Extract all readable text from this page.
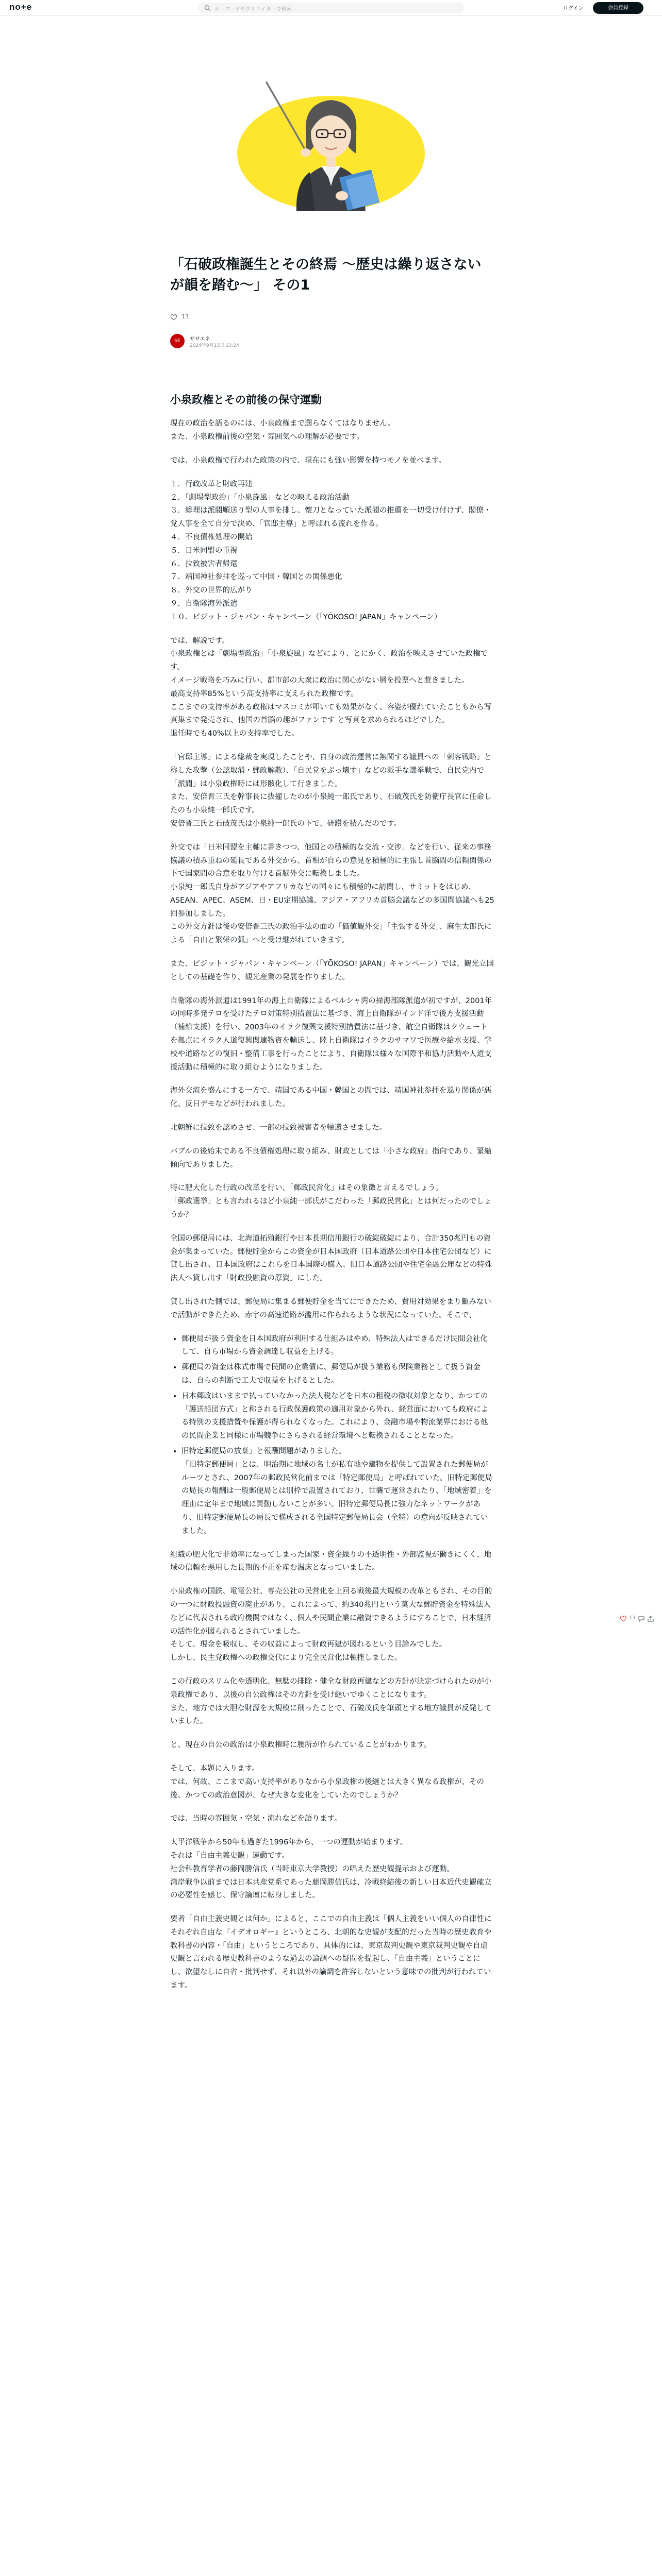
no+e	キーワードやクリエイターで検索	ログイン	会員登録
「石破政権誕生とその終焉 〜歴史は繰り返さないが韻を踏む〜」 その1
13
SE	ササエネ
2024年9月13日 13:24
小泉政権とその前後の保守運動

現在の政治を語るのには、小泉政権まで遡らなくてはなりません。
また、小泉政権前後の空気・雰囲気への理解が必要です。

では、小泉政権で行われた政策の内で、現在にも強い影響を持つモノを並べます。

１．行政改革と財政再建
２．「劇場型政治」「小泉旋風」などの映える政治活動
３．総理は派閥順送り型の人事を排し、懐刀となっていた派閥の推薦を一切受け付けず、閣僚・党人事を全て自分で決め、「官邸主導」と呼ばれる流れを作る。
４．不良債権処理の開始
５．日米同盟の重視
６．拉致被害者帰還
７．靖国神社参拝を巡って中国・韓国との関係悪化
８．外交の世界的広がり
９．自衛隊海外派遣
１０．ビジット・ジャパン・キャンペーン（「YŌKOSO! JAPAN」キャンペーン）

では、解説です。
小泉政権とは「劇場型政治」「小泉旋風」などにより、とにかく、政治を映えさせていた政権です。
イメージ戦略を巧みに行い、都市部の大衆に政治に関心がない層を投票へと惹きました。
最高支持率85%という高支持率に支えられた政権です。
ここまでの支持率がある政権はマスコミが叩いても効果がなく、容姿が優れていたこともから写真集まで発売され、他国の首脳の趣がファンです と写真を求められるほどでした。
退任時でも40%以上の支持率でした。

「官邸主導」による総裁を実現したことや、自身の政治運営に無関する議員への「刺客戦略」と称した攻撃（公認取消・郵政解散）、「自民党をぶっ壊す」などの派手な選挙戦で、自民党内で「派閥」は小泉政権時には形骸化して行きました。
また、安倍晋三氏を幹事長に抜擢したのが小泉純一郎氏であり、石破茂氏を防衛庁長官に任命したのも小泉純一郎氏です。
安倍晋三氏と石破茂氏は小泉純一郎氏の下で、研鑽を積んだのです。

外交では「日米同盟を主軸に書きつつ、他国との積極的な交流・交渉」などを行い、従来の事務協議の積み重ねの延長である外交から、首相が自らの意見を積極的に主張し首脳間の信頼関係の下で国家間の合意を取り付ける首脳外交に転換しました。
小泉純一郎氏自身がアジアやアフリカなどの国々にも積極的に訪問し、サミットをはじめ、ASEAN、APEC、ASEM、日・EU定期協議、アジア・アフリカ首脳会議などの多国間協議へも25回参加しました。
この外交方針は後の安倍晋三氏の政治手法の面の「価値観外交」「主張する外交」、麻生太郎氏による「自由と繁栄の弧」へと受け継がれていきます。

また、ビジット・ジャパン・キャンペーン（「YŌKOSO! JAPAN」キャンペーン）では、観光立国としての基礎を作り、観光産業の発展を作りました。

自衛隊の海外派遣は1991年の海上自衛隊によるペルシャ湾の掃海部隊派遣が初ですが、2001年の同時多発テロを受けたテロ対策特別措置法に基づき、海上自衛隊がインド洋で後方支援活動（補給支援）を行い、2003年のイラク復興支援特別措置法に基づき、航空自衛隊はクウェートを拠点にイラク人道復興関連物資を輸送し、陸上自衛隊はイラクのサマワで医療や給水支援、学校や道路などの復旧・整備工事を行ったことにより、自衛隊は様々な国際平和協力活動や人道支援活動に積極的に取り組むようになりました。

海外交流を盛んにする一方で、靖国である中国・韓国との間では、靖国神社参拝を巡り関係が悪化、反日デモなどが行われました。

北朝鮮に拉致を認めさせ、一部の拉致被害者を帰還させました。

バブルの後始末である不良債権処理に取り組み、財政としては「小さな政府」指向であり、緊縮傾向でありました。

特に肥大化した行政の改革を行い、「郵政民営化」はその象徴と言えるでしょう。
「郵政選挙」とも言われるほど小泉純一郎氏がこだわった「郵政民営化」とは何だったのでしょうか？

全国の郵便局には、北海道拓殖銀行や日本長期信用銀行の破綻破綻により、合計350兆円もの資金が集まっていた。郵便貯金からこの資金が日本国政府（日本道路公団や日本住宅公団など）に貸し出され、日本国政府はこれらを日本国際の購入、旧日本道路公団や住宅金融公庫などの特殊法人へ貸し出す「財政投融資の原資」にした。

貸し出された側では、郵便局に集まる郵便貯金を当てにできたため、費用対効果をまり顧みないで活動ができたため、赤字の高速道路が濫用に作られるような状況になっていた。そこで、

• 郵便局が扱う資金を日本国政府が利用する仕組みはやめ、特殊法人はできるだけ民間会社化して、自ら市場から資金調達し収益を上げる。
• 郵便局の資金は株式市場で民間の企業債に、郵便局が扱う業務も保険業務として扱う資金は、自らの判断で工夫で収益を上げるとした。
• 日本郵政はいままで払っていなかった法人税などを日本の租税の徴収対象となり、かつての「護送船団方式」と称される行政保護政策の適用対象から外れ、経営面においても政府による特別の支援措置や保護が得られなくなった。これにより、金融市場や物流業界における他の民間企業と同様に市場競争にさらされる経営環境へと転換されることとなった。
• 旧特定郵便局の放棄」と報酬問題がありました。
「旧特定郵便局」とは、明治期に地域の名士が私有地や建物を提供して設置された郵便局がルーツとされ、2007年の郵政民営化前までは「特定郵便局」と呼ばれていた。旧特定郵便局の局長の報酬は一般郵便局とは別枠で設置されており、世襲で運営されたり、「地域密着」を理由に定年まで地域に異動しないことが多い。旧特定郵便局長に強力なネットワークがあり、旧特定郵便局長の局長で構成される全国特定郵便局長会（全特）の意向が反映されていました。

組織の肥大化で非効率になってしまった国家・資金繰りの不透明性・外部監視が働きにくく、地域の信頼を悪用した長期的不正を産む温床となっていました。

小泉政権の国鉄、電電公社、専売公社の民営化を上回る戦後最大規模の改革ともされ、その目的の一つに財政投融資の廃止があり、これによって、約340兆円という莫大な郵貯資金を特殊法人などに代表される政府機関ではなく、個人や民間企業に融資できるようにすることで、日本経済の活性化が図られるとされていました。
そして、現金を吸収し、その収益によって財政再建が図れるという目論みでした。
しかし、民主党政権への政権交代により完全民営化は頓挫しました。

この行政のスリム化や透明化、無駄の排除・健全な財政再建などの方針が決定づけられたのが小泉政権であり、以後の自公政権はその方針を受け継いでゆくことになります。
また、地方では大胆な財源を大規模に削ったことで、石破茂氏を筆頭とする地方議員が反発していました。

と、現在の自公の政治は小泉政権時に腰所が作られていることがわかります。

そして、本題に入ります。
では、何故、ここまで高い支持率がありなから小泉政権の後継とは大きく異なる政権が、その後、かつての政治意図が、なぜ大きな変化をしていたのでしょうか？

では、当時の雰囲気・空気・流れなどを語ります。

太平洋戦争から50年も過ぎた1996年から、一つの運動が始まります。
それは「自由主義史観」運動です。
社会科教育学者の藤岡勝信氏（当時東京大学教授）の唱えた歴史観提示および運動。
湾岸戦争以前までは日本共産党系であった藤岡勝信氏は、冷戦終結後の新しい日本近代史観確立の必要性を感じ、保守論壇に転身しました。

要者「自由主義史観とは何か」によると、ここでの自由主義は「個人主義をいい個人の自律性にそれぞれ自由な『イデオロギー』というところ、北朝的な史観が支配的だった当時の歴史教育や教科書の内容・「自由」というところであり、具体的には、東京裁判史観や東京裁判史観や自虐史観と言われる歴史教科書のような過去の論調への疑問を提起し、「自由主義」ということにし、欲望なしに自省・批判せず、それ以外の論調を許容しないという意味での批判が行われています。

13
